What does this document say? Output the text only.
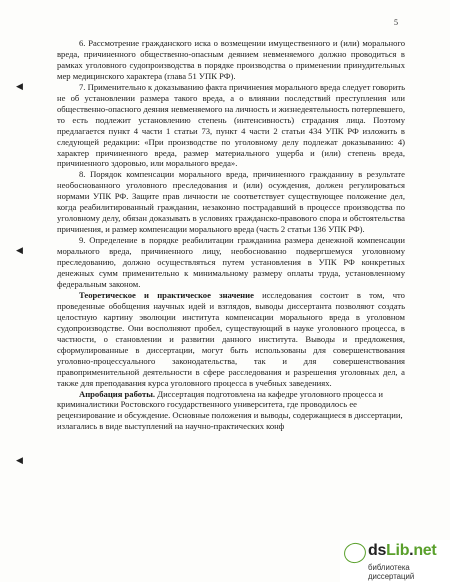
5
◀︎
◀︎
◀︎

6. Рассмотрение гражданского иска о возмещении имущественного и (или) морального вреда, причиненного общественно-опасным деянием невменяемого должно проводиться в рамках уголовного судопроизводства в порядке производства о применении принудительных мер медицинского характера (глава 51 УПК РФ).

7. Применительно к доказыванию факта причинения морального вреда следует говорить не об установлении размера такого вреда, а о влиянии последствий преступления или общественно-опасного деяния невменяемого на личность и жизнедеятельность потерпевшего, то есть подлежит установлению степень (интенсивность) страдания лица. Поэтому предлагается пункт 4 части 1 статьи 73, пункт 4 части 2 статьи 434 УПК РФ изложить в следующей редакции: «При производстве по уголовному делу подлежат доказыванию: 4) характер причиненного вреда, размер материального ущерба и (или) степень вреда, причиненного здоровью, или морального вреда».

8. Порядок компенсации морального вреда, причиненного гражданину в результате необоснованного уголовного преследования и (или) осуждения, должен регулироваться нормами УПК РФ. Защите прав личности не соответствует существующее положение дел, когда реабилитированный гражданин, незаконно пострадавший в процессе производства по уголовному делу, обязан доказывать в условиях гражданско-правового спора и обстоятельства причинения, и размер компенсации морального вреда (часть 2 статьи 136 УПК РФ).

9. Определение в порядке реабилитации гражданина размера денежной компенсации морального вреда, причиненного лицу, необоснованно подвергшемуся уголовному преследованию, должно осуществляться путем установления в УПК РФ конкретных денежных сумм применительно к минимальному размеру оплаты труда, установленному федеральным законом.

Теоретическое и практическое значение исследования состоит в том, что проведенные обобщения научных идей и взглядов, выводы диссертанта позволяют создать целостную картину эволюции института компенсации морального вреда в уголовном судопроизводстве. Они восполняют пробел, существующий в науке уголовного процесса, в частности, о становлении и развитии данного института. Выводы и предложения, сформулированные в диссертации, могут быть использованы для совершенствования уголовно-процессуального законодательства, так и для совершенствования правоприменительной деятельности в сфере расследования и разрешения уголовных дел, а также для преподавания курса уголовного процесса в учебных заведениях.

Апробация работы. Диссертация подготовлена на кафедре уголовного процесса и криминалистики Ростовского государственного университета, где проводилось ее рецензирование и обсуждение. Основные положения и выводы, содержащиеся в диссертации, излагались в виде выступлений на научно-практических конф

dsLib.net
библиотека диссертаций
